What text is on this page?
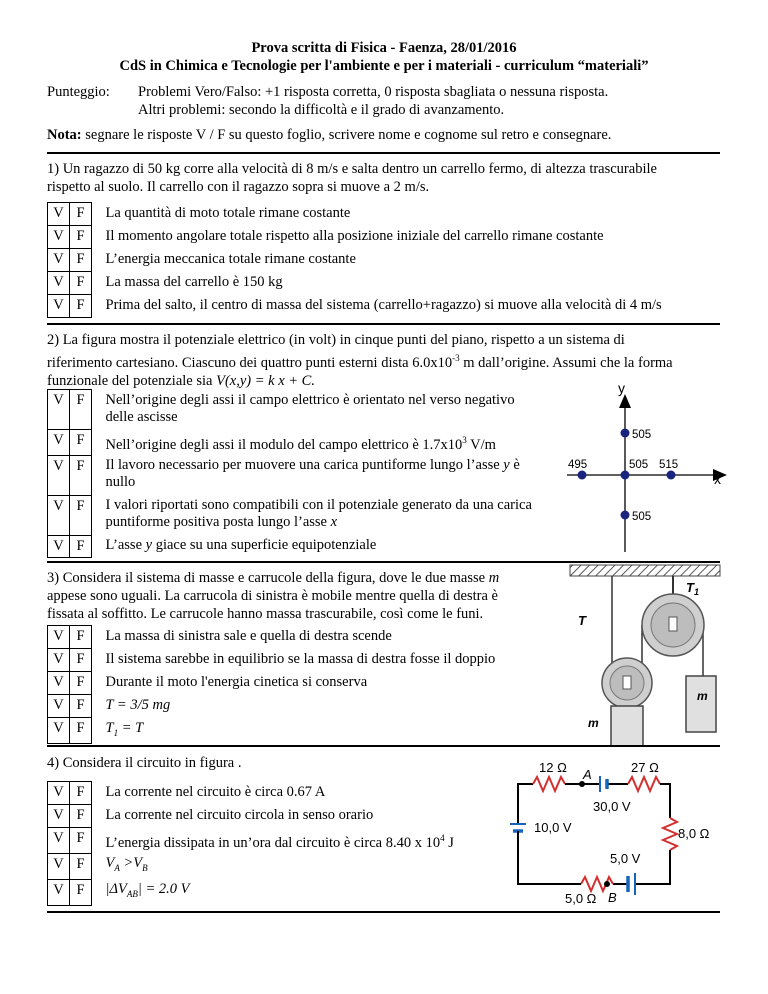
Prova scritta di Fisica - Faenza, 28/01/2016
CdS in Chimica e Tecnologie per l'ambiente e per i materiali - curriculum “materiali”
Punteggio: Problemi Vero/Falso: +1 risposta corretta, 0 risposta sbagliata o nessuna risposta.
Altri problemi: secondo la difficoltà e il grado di avanzamento.
Nota: segnare le risposte V / F su questo foglio, scrivere nome e cognome sul retro e consegnare.
1) Un ragazzo di 50 kg corre alla velocità di 8 m/s e salta dentro un carrello fermo, di altezza trascurabile rispetto al suolo. Il carrello con il ragazzo sopra si muove a 2 m/s.
V	F		La quantità di moto totale rimane costante
V	F		Il momento angolare totale rispetto alla posizione iniziale del carrello rimane costante
V	F		L’energia meccanica totale rimane costante
V	F		La massa del carrello è 150 kg
V	F		Prima del salto, il centro di massa del sistema (carrello+ragazzo) si muove alla velocità di 4 m/s
2) La figura mostra il potenziale elettrico (in volt) in cinque punti del piano, rispetto a un sistema di riferimento cartesiano. Ciascuno dei quattro punti esterni dista $6.0x10^{-3}$ m dall’origine. Assumi che la forma funzionale del potenziale sia V(x,y) = k x + C.
V	F		Nell’origine degli assi il campo elettrico è orientato nel verso negativo delle ascisse
V	F		Nell’origine degli assi il modulo del campo elettrico è $1.7x10^3$ V/m
V	F		Il lavoro necessario per muovere una carica puntiforme lungo l’asse y è nullo
V	F		I valori riportati sono compatibili con il potenziale generato da una carica puntiforme positiva posta lungo l’asse x
V	F		L’asse y giace su una superficie equipotenziale
y
x
505
495	505 515
505
3) Considera il sistema di masse e carrucole della figura, dove le due masse m appese sono uguali. La carrucola di sinistra è mobile mentre quella di destra è fissata al soffitto. Le carrucole hanno massa trascurabile, così come le funi.
V	F		La massa di sinistra sale e quella di destra scende
V	F		Il sistema sarebbe in equilibrio se la massa di destra fosse il doppio
V	F		Durante il moto l'energia cinetica si conserva
V	F		T = 3/5 mg
V	F		$T_1 = T$
T
$T_1$
m
m
4) Considera il circuito in figura .
V	F		La corrente nel circuito è circa 0.67 A
V	F		La corrente nel circuito circola in senso orario
V	F		L’energia dissipata in un’ora dal circuito è circa 8.40 x $10^4$ J
V	F		$V_A >V_B$
V	F		$|\Delta V_{AB}| = 2.0$ V
12 Ω	27 Ω
8,0 Ω
5,0 Ω
30,0 V
10,0 V
5,0 V
A
B
